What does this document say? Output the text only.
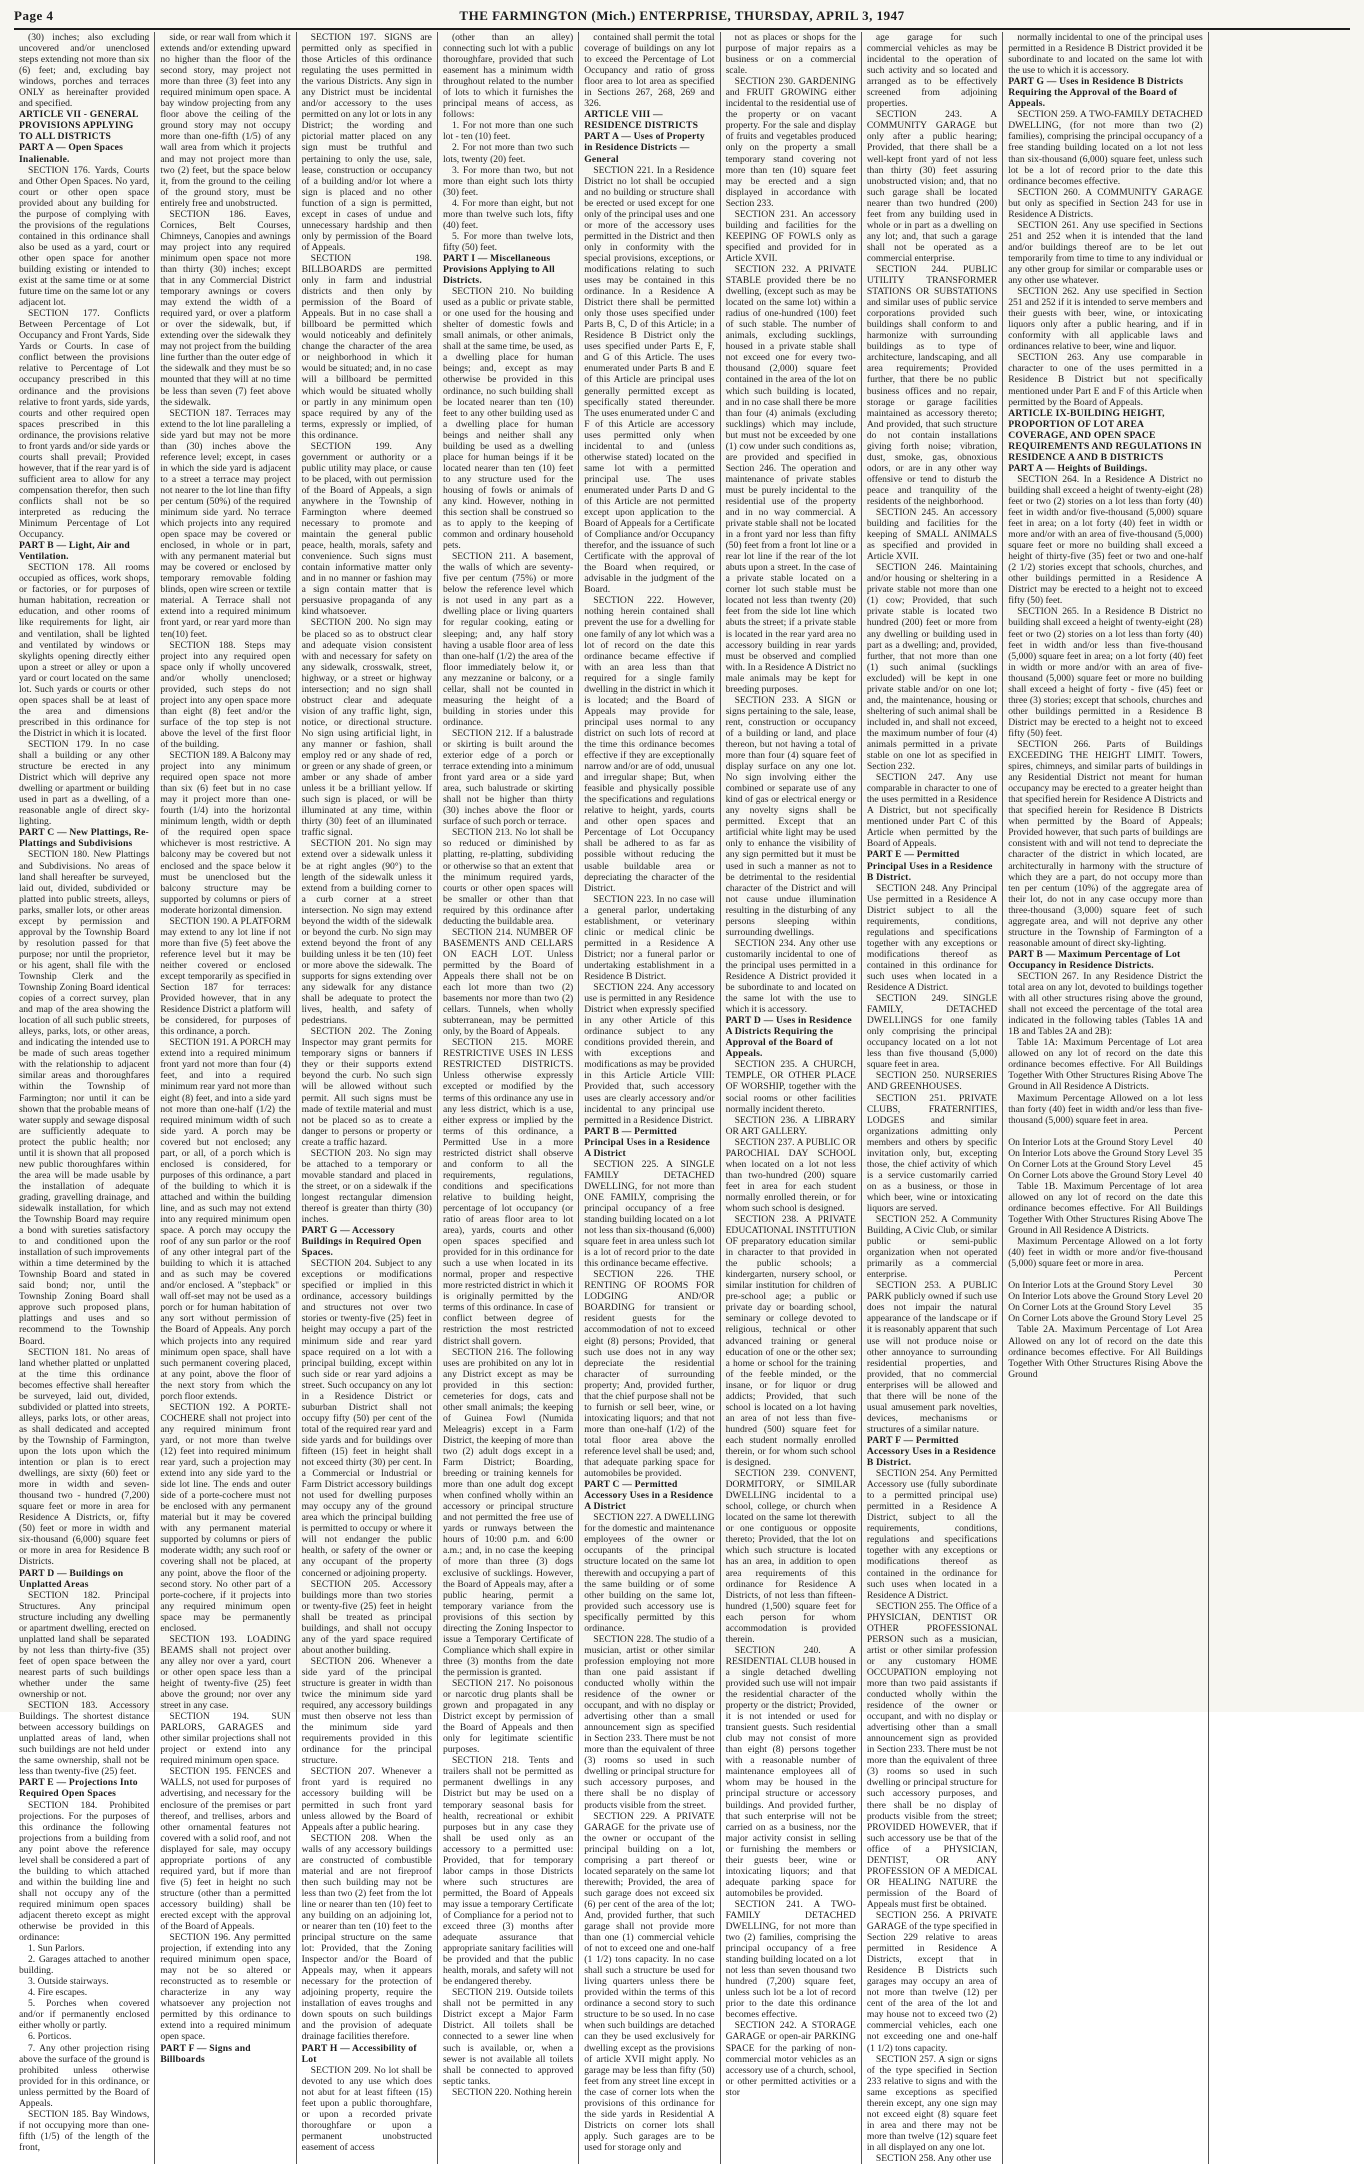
Page 4	THE FARMINGTON (Mich.) ENTERPRISE, THURSDAY, APRIL 3, 1947

(30) inches; also excluding uncovered and/or unenclosed steps extending not more than six (6) feet; and, excluding bay windows, porches and terraces ONLY as hereinafter provided and specified.

ARTICLE VII - GENERAL PROVISIONS APPLYING TO ALL DISTRICTS

PART A — Open Spaces Inalienable.

SECTION 176. Yards, Courts and Other Open Spaces. No yard, court or other open space provided about any building for the purpose of complying with the provisions of the regulations contained in this ordinance shall also be used as a yard, court or other open space for another building existing or intended to exist at the same time or at some future time on the same lot or any adjacent lot.

SECTION 177. Conflicts Between Percentage of Lot Occupancy and Front Yards, Side Yards or Courts. In case of conflict between the provisions relative to Percentage of Lot occupancy prescribed in this ordinance and the provisions relative to front yards, side yards, courts and other required open spaces prescribed in this ordinance, the provisions relative to front yards and/or side yards or courts shall prevail; Provided however, that if the rear yard is of sufficient area to allow for any compensation therefor, then such conflicts shall not be so interpreted as reducing the Minimum Percentage of Lot Occupancy.

PART B — Light, Air and Ventilation.

SECTION 178. All rooms occupied as offices, work shops, or factories, or for purposes of human habitation, recreation or education, and other rooms of like requirements for light, air and ventilation, shall be lighted and ventilated by windows or skylights opening directly either upon a street or alley or upon a yard or court located on the same lot. Such yards or courts or other open spaces shall be at least of the area and dimensions prescribed in this ordinance for the District in which it is located.

SECTION 179. In no case shall a building or any other structure be erected in any District which will deprive any dwelling or apartment or building used in part as a dwelling, of a reasonable angle of direct sky-lighting.

PART C — New Plattings, Re-Plattings and Subdivisions

SECTION 180. New Plattings and Subdivisions. No areas of land shall hereafter be surveyed, laid out, divided, subdivided or platted into public streets, alleys, parks, smaller lots, or other areas except by permission and approval by the Township Board by resolution passed for that purpose; nor until the proprietor, or his agent, shall file with the Township Clerk and the Township Zoning Board identical copies of a correct survey, plan and map of the area showing the location of all such public streets, alleys, parks, lots, or other areas, and indicating the intended use to be made of such areas together with the relationship to adjacent similar areas and thoroughfares within the Township of Farmington; nor until it can be shown that the probable means of water supply and sewage disposal are sufficiently adequate to protect the public health; nor until it is shown that all proposed new public thoroughfares within the area will be made usable by the installation of adequate grading, gravelling drainage, and sidewalk installation, for which the Township Board may require a bond with sureties satisfactory to and conditioned upon the installation of such improvements within a time determined by the Township Board and stated in said bond; nor, until the Township Zoning Board shall approve such proposed plans, plattings and uses and so recommend to the Township Board.

SECTION 181. No areas of land whether platted or unplatted at the time this ordinance becomes effective shall hereafter be surveyed, laid out, divided, subdivided or platted into streets, alleys, parks lots, or other areas, as shall dedicated and accepted by the Township of Farmington, upon the lots upon which the intention or plan is to erect dwellings, are sixty (60) feet or more in width and seven-thousand two - hundred (7,200) square feet or more in area for Residence A Districts, or, fifty (50) feet or more in width and six-thousand (6,000) square feet or more in area for Residence B Districts.

PART D — Buildings on Unplatted Areas

SECTION 182. Principal Structures. Any principal structure including any dwelling or apartment dwelling, erected on unplatted land shall be separated by not less than thirty-five (35) feet of open space between the nearest parts of such buildings whether under the same ownership or not.

SECTION 183. Accessory Buildings. The shortest distance between accessory buildings on unplatted areas of land, when such buildings are not held under the same ownership, shall not be less than twenty-five (25) feet.

PART E — Projections Into Required Open Spaces

SECTION 184. Prohibited projections. For the purposes of this ordinance the following projections from a building from any point above the reference level shall be considered a part of the building to which attached and within the building line and shall not occupy any of the required minimum open spaces adjacent thereto except as might otherwise be provided in this ordinance:

1. Sun Parlors.

2. Garages attached to another building.

3. Outside stairways.

4. Fire escapes.

5. Porches when covered and/or if permanently enclosed either wholly or partly.

6. Porticos.

7. Any other projection rising above the surface of the ground is prohibited unless otherwise provided for in this ordinance, or unless permitted by the Board of Appeals.

SECTION 185. Bay Windows, if not occupying more than one-fifth (1/5) of the length of the front,

side, or rear wall from which it extends and/or extending upward no higher than the floor of the second story, may project not more than three (3) feet into any required minimum open space. A bay window projecting from any floor above the ceiling of the ground story may not occupy more than one-fifth (1/5) of any wall area from which it projects and may not project more than two (2) feet, but the space below it, from the ground to the ceiling of the ground story, must be entirely free and unobstructed.

SECTION 186. Eaves, Cornices, Belt Courses, Chimneys, Canopies and awnings may project into any required minimum open space not more than thirty (30) inches; except that in any Commercial District temporary awnings or covers may extend the width of a required yard, or over a platform or over the sidewalk, but, if extending over the sidewalk they may not project from the building line further than the outer edge of the sidewalk and they must be so mounted that they will at no time be less than seven (7) feet above the sidewalk.

SECTION 187. Terraces may extend to the lot line paralleling a side yard but may not be more than (30) inches above the reference level; except, in cases in which the side yard is adjacent to a street a terrace may project not nearer to the lot line than fifty per centum (50%) of the required minimum side yard. No terrace which projects into any required open space may be covered or enclosed, in whole or in part, with any permanent material but may be covered or enclosed by temporary removable folding blinds, open wire screen or textile material. A Terrace shall not extend into a required minimum front yard, or rear yard more than ten(10) feet.

SECTION 188. Steps may project into any required open space only if wholly uncovered and/or wholly unenclosed; provided, such steps do not project into any open space more than eight (8) feet and/or the surface of the top step is not above the level of the first floor of the building.

SECTION 189. A Balcony may project into any minimum required open space not more than six (6) feet but in no case may it project more than one-fourth (1/4) into the horizontal minimum length, width or depth of the required open space whichever is most restrictive. A balcony may be covered but not enclosed and the space below it must be unenclosed but the balcony structure may be supported by columns or piers of moderate horizontal dimension.

SECTION 190. A PLATFORM may extend to any lot line if not more than five (5) feet above the reference level but it may be neither covered or enclosed except temporarily as specified in Section 187 for terraces: Provided however, that in any Residence District a platform will be considered, for purposes of this ordinance, a porch.

SECTION 191. A PORCH may extend into a required minimum front yard not more than four (4) feet, and into a required minimum rear yard not more than eight (8) feet, and into a side yard not more than one-half (1/2) the required minimum width of such side yard. A porch may be covered but not enclosed; any part, or all, of a porch which is enclosed is considered, for purposes of this ordinance, a part of the building to which it is attached and within the building line, and as such may not extend into any required minimum open space. A porch may occupy the roof of any sun parlor or the roof of any other integral part of the building to which it is attached and as such may be covered and/or enclosed. A "stepback" or wall off-set may not be used as a porch or for human habitation of any sort without permission of the Board of Appeals. Any porch which projects into any required minimum open space, shall have such permanent covering placed, at any point, above the floor of the next story from which the porch floor extends.

SECTION 192. A PORTE-COCHERE shall not project into any required minimum front yard, or not more than twelve (12) feet into required minimum rear yard, such a projection may extend into any side yard to the side lot line. The ends and outer side of a porte-cochere must not be enclosed with any permanent material but it may be covered with any permanent material supported by columns or piers of moderate width; any such roof or covering shall not be placed, at any point, above the floor of the second story. No other part of a porte-cochere, if it projects into any required minimum open space may be permanently enclosed.

SECTION 193. LOADING BEAMS shall not project over any alley nor over a yard, court or other open space less than a height of twenty-five (25) feet above the ground; nor over any street in any case.

SECTION 194. SUN PARLORS, GARAGES and other similar projections shall not project or extend into any required minimum open space.

SECTION 195. FENCES and WALLS, not used for purposes of advertising, and necessary for the enclosure of the premises or part thereof, and trellises, arbors and other ornamental features not covered with a solid roof, and not displayed for sale, may occupy appropriate portions of any required yard, but if more than five (5) feet in height no such structure (other than a permitted accessory building) shall be erected except with the approval of the Board of Appeals.

SECTION 196. Any permitted projection, if extending into any required minimum open space, may not be so altered or reconstructed as to resemble or characterize in any way whatsoever any projection not permitted by this ordinance to extend into a required minimum open space.

PART F — Signs and Billboards

SECTION 197. SIGNS are permitted only as specified in those Articles of this ordinance regulating the uses permitted in the various Districts. Any sign in any District must be incidental and/or accessory to the uses permitted on any lot or lots in any District; the wording and pictorial matter placed on any sign must be truthful and pertaining to only the use, sale, lease, construction or occupancy of a building and/or lot where a sign is placed and no other function of a sign is permitted, except in cases of undue and unnecessary hardship and then only by permission of the Board of Appeals.

SECTION 198. BILLBOARDS are permitted only in farm and industrial districts and then only by permission of the Board of Appeals. But in no case shall a billboard be permitted which would noticeably and definitely change the character of the area or neighborhood in which it would be situated; and, in no case will a billboard be permitted which would be situated wholly or partly in any minimum open space required by any of the terms, expressly or implied, of this ordinance.

SECTION 199. Any government or authority or a public utility may place, or cause to be placed, with out permission of the Board of Appeals, a sign anywhere in the Township of Farmington where deemed necessary to promote and maintain the general public peace, health, morals, safety and convenience. Such signs must contain informative matter only and in no manner or fashion may a sign contain matter that is persuasive propaganda of any kind whatsoever.

SECTION 200. No sign may be placed so as to obstruct clear and adequate vision consistent with and necessary for safety on any sidewalk, crosswalk, street, highway, or a street or highway intersection; and no sign shall obstruct clear and adequate vision of any traffic light, sign, notice, or directional structure. No sign using artificial light, in any manner or fashion, shall employ red or any shade of red, or green or any shade of green, or amber or any shade of amber unless it be a brilliant yellow. If such sign is placed, or will be illuminated at any time, within thirty (30) feet of an illuminated traffic signal.

SECTION 201. No sign may extend over a sidewalk unless it be at right angles (90°) to the length of the sidewalk unless it extend from a building corner to a curb corner at a street intersection. No sign may extend beyond the width of the sidewalk or beyond the curb. No sign may extend beyond the front of any building unless it be ten (10) feet or more above the sidewalk. The supports for signs extending over any sidewalk for any distance shall be adequate to protect the lives, health, and safety of pedestrians.

SECTION 202. The Zoning Inspector may grant permits for temporary signs or banners if they or their supports extend beyond the curb. No such sign will be allowed without such permit. All such signs must be made of textile material and must not be placed so as to create a danger to persons or property or create a traffic hazard.

SECTION 203. No sign may be attached to a temporary or movable standard and placed in the street, or on a sidewalk if the longest rectangular dimension thereof is greater than thirty (30) inches.

PART G — Accessory Buildings in Required Open Spaces.

SECTION 204. Subject to any exceptions or modifications specified or implied in this ordinance, accessory buildings and structures not over two stories or twenty-five (25) feet in height may occupy a part of the minimum side and rear yard space required on a lot with a principal building, except within such side or rear yard adjoins a street. Such occupancy on any lot in a Residence District or suburban District shall not occupy fifty (50) per cent of the total of the required rear yard and side yards and for buildings over fifteen (15) feet in height shall not exceed thirty (30) per cent. In a Commercial or Industrial or Farm District accessory buildings not used for dwelling purposes may occupy any of the ground area which the principal building is permitted to occupy or where it will not endanger the public health, or safety of the owner or any occupant of the property concerned or adjoining property.

SECTION 205. Accessory buildings more than two stories or twenty-five (25) feet in height shall be treated as principal buildings, and shall not occupy any of the yard space required about another building.

SECTION 206. Whenever a side yard of the principal structure is greater in width than twice the minimum side yard required, any accessory buildings must then observe not less than the minimum side yard requirements provided in this ordinance for the principal structure.

SECTION 207. Whenever a front yard is required no accessory building will be permitted in such front yard unless allowed by the Board of Appeals after a public hearing.

SECTION 208. When the walls of any accessory buildings are constructed of combustible material and are not fireproof then such building may not be less than two (2) feet from the lot line or nearer than ten (10) feet to any building on an adjoining lot, or nearer than ten (10) feet to the principal structure on the same lot: Provided, that the Zoning Inspector and/or the Board of Appeals may, when it appears necessary for the protection of adjoining property, require the installation of eaves troughs and down spouts on such buildings and the provision of adequate drainage facilities therefore.

PART H — Accessibility of Lot

SECTION 209. No lot shall be devoted to any use which does not abut for at least fifteen (15) feet upon a public thoroughfare, or upon a recorded private thoroughfare or upon a permanent unobstructed easement of access

(other than an alley) connecting such lot with a public thoroughfare, provided that such easement has a minimum width throughout related to the number of lots to which it furnishes the principal means of access, as follows:

1. For not more than one such lot - ten (10) feet.

2. For not more than two such lots, twenty (20) feet.

3. For more than two, but not more than eight such lots thirty (30) feet.

4. For more than eight, but not more than twelve such lots, fifty (40) feet.

5. For more than twelve lots, fifty (50) feet.

PART I — Miscellaneous Provisions Applying to All Districts.

SECTION 210. No building used as a public or private stable, or one used for the housing and shelter of domestic fowls and small animals, or other animals, shall at the same time, be used, as a dwelling place for human beings; and, except as may otherwise be provided in this ordinance, no such building shall be located nearer than ten (10) feet to any other building used as a dwelling place for human beings and neither shall any building be used as a dwelling place for human beings if it be located nearer than ten (10) feet to any structure used for the housing of fowls or animals of any kind. However, nothing in this section shall be construed so as to apply to the keeping of common and ordinary household pets.

SECTION 211. A basement, the walls of which are seventy-five per centum (75%) or more below the reference level which is not used in any part as a dwelling place or living quarters for regular cooking, eating or sleeping; and, any half story having a usable floor area of less than one-half (1/2) the area of the floor immediately below it, or any mezzanine or balcony, or a cellar, shall not be counted in measuring the height of a building in stories under this ordinance.

SECTION 212. If a balustrade or skirting is built around the exterior edge of a porch or terrace extending into a minimum front yard area or a side yard area, such balustrade or skirting shall not be higher than thirty (30) inches above the floor or surface of such porch or terrace.

SECTION 213. No lot shall be so reduced or diminished by platting, re-platting, subdividing or otherwise so that an extent that the minimum required yards, courts or other open spaces will be smaller or other than that required by this ordinance after deducting the buildable area.

SECTION 214. NUMBER OF BASEMENTS AND CELLARS ON EACH LOT. Unless permitted by the Board of Appeals there shall not be on each lot more than two (2) basements nor more than two (2) cellars. Tunnels, when wholly subterranean, may be permitted only, by the Board of Appeals.

SECTION 215. MORE RESTRICTIVE USES IN LESS RESTRICTED DISTRICTS. Unless otherwise expressly excepted or modified by the terms of this ordinance any use in any less district, which is a use, either express or implied by the terms of this ordinance, a Permitted Use in a more restricted district shall observe and conform to all the requirements, regulations, conditions and specifications relative to building height, percentage of lot occupancy (or ratio of areas floor area to lot area), yards, courts and other open spaces specified and provided for in this ordinance for such a use when located in its normal, proper and respective more restricted district in which it is originally permitted by the terms of this ordinance. In case of conflict between degree of restriction the most restricted district shall govern.

SECTION 216. The following uses are prohibited on any lot in any District except as may be provided in this section: cemeteries for dogs, cats and other small animals; the keeping of Guinea Fowl (Numida Meleagris) except in a Farm District, the keeping of more than two (2) adult dogs except in a Farm District; Boarding, breeding or training kennels for more than one adult dog except when confined wholly within an accessory or principal structure and not permitted the free use of yards or runways between the hours of 10:00 p.m. and 6:00 a.m.; and, in no case the keeping of more than three (3) dogs exclusive of sucklings. However, the Board of Appeals may, after a public hearing, permit a temporary variance from the provisions of this section by directing the Zoning Inspector to issue a Temporary Certificate of Compliance which shall expire in three (3) months from the date the permission is granted.

SECTION 217. No poisonous or narcotic drug plants shall be grown and propagated in any District except by permission of the Board of Appeals and then only for legitimate scientific purposes.

SECTION 218. Tents and trailers shall not be permitted as permanent dwellings in any District but may be used on a temporary seasonal basis for health, recreational or exhibit purposes but in any case they shall be used only as an accessory to a permitted use: Provided, that for temporary labor camps in those Districts where such structures are permitted, the Board of Appeals may issue a temporary Certificate of Compliance for a period not to exceed three (3) months after adequate assurance that appropriate sanitary facilities will be provided and that the public health, morals, and safety will not be endangered thereby.

SECTION 219. Outside toilets shall not be permitted in any District except a Major Farm District. All toilets shall be connected to a sewer line when such is available, or, when a sewer is not available all toilets shall be connected to approved septic tanks.

SECTION 220. Nothing herein

contained shall permit the total coverage of buildings on any lot to exceed the Percentage of Lot Occupancy and ratio of gross floor area to lot area as specified in Sections 267, 268, 269 and 326.

ARTICLE VIII — RESIDENCE DISTRICTS

PART A — Uses of Property in Residence Districts — General

SECTION 221. In a Residence District no lot shall be occupied and no building or structure shall be erected or used except for one only of the principal uses and one or more of the accessory uses permitted in the District and then only in conformity with the special provisions, exceptions, or modifications relating to such uses may be contained in this ordinance. In a Residence A District there shall be permitted only those uses specified under Parts B, C, D of this Article; in a Residence B District only the uses specified under Parts E, F, and G of this Article. The uses enumerated under Parts B and E of this Article are principal uses generally permitted except as specifically stated thereunder. The uses enumerated under C and F of this Article are accessory uses permitted only when incidental to and (unless otherwise stated) located on the same lot with a permitted principal use. The uses enumerated under Parts D and G of this Article are not permitted except upon application to the Board of Appeals for a Certificate of Compliance and/or Occupancy therefor, and the issuance of such Certificate with the approval of the Board when required, or advisable in the judgment of the Board.

SECTION 222. However, nothing herein contained shall prevent the use for a dwelling for one family of any lot which was a lot of record on the date this ordinance became effective if with an area less than that required for a single family dwelling in the district in which it is located; and the Board of Appeals may provide for principal uses normal to any district on such lots of record at the time this ordinance becomes effective if they are exceptionally narrow and/or are of odd, unusual and irregular shape; But, when feasible and physically possible the specifications and regulations relative to height, yards, courts and other open spaces and Percentage of Lot Occupancy shall be adhered to as far as possible without reducing the usable buildable area or depreciating the character of the District.

SECTION 223. In no case will a general parlor, undertaking establishment, or veterinary clinic or medical clinic be permitted in a Residence A District; nor a funeral parlor or undertaking establishment in a Residence B District.

SECTION 224. Any accessory use is permitted in any Residence District when expressly specified in any other Article of this ordinance subject to any conditions provided therein, and with exceptions and modifications as may be provided in this Article Article VIII: Provided that, such accessory uses are clearly accessory and/or incidental to any principal use permitted in a Residence District.

PART B — Permitted Principal Uses in a Residence A District

SECTION 225. A SINGLE FAMILY DETACHED DWELLING, for not more than ONE FAMILY, comprising the principal occupancy of a free standing building located on a lot not less than six-thousand (6,000) square feet in area unless such lot is a lot of record prior to the date this ordinance became effective.

SECTION 226. THE RENTING OF ROOMS FOR LODGING AND/OR BOARDING for transient or resident guests for the accommodation of not to exceed eight (8) persons; Provided, that such use does not in any way depreciate the residential character of surrounding property; And, provided further, that the chief purpose shall not be to furnish or sell beer, wine, or intoxicating liquors; and that not more than one-half (1/2) of the total floor area above the reference level shall be used; and, that adequate parking space for automobiles be provided.

PART C — Permitted Accessory Uses in a Residence A District

SECTION 227. A DWELLING for the domestic and maintenance employees of the owner or occupants of the principal structure located on the same lot therewith and occupying a part of the same building or of some other building on the same lot, provided such accessory use is specifically permitted by this ordinance.

SECTION 228. The studio of a musician, artist or other similar profession employing not more than one paid assistant if conducted wholly within the residence of the owner or occupant, and with no display or advertising other than a small announcement sign as specified in Section 233. There must be not more than the equivalent of three (3) rooms so used in such dwelling or principal structure for such accessory purposes, and there shall be no display of products visible from the street.

SECTION 229. A PRIVATE GARAGE for the private use of the owner or occupant of the principal building on a lot, comprising a part thereof or located separately on the same lot therewith; Provided, the area of such garage does not exceed six (6) per cent of the area of the lot; And, provided further, that such garage shall not provide more than one (1) commercial vehicle of not to exceed one and one-half (1 1/2) tons capacity. In no case shall such a structure be used for living quarters unless there be provided within the terms of this ordinance a second story to such structure to be so used. In no case when such buildings are detached can they be used exclusively for dwelling except as the provisions of article XVII might apply. No garage may be less than fifty (50) feet from any street line except in the case of corner lots when the provisions of this ordinance for the side yards in Residential A Districts on corner lots shall apply. Such garages are to be used for storage only and

not as places or shops for the purpose of major repairs as a business or on a commercial scale.

SECTION 230. GARDENING and FRUIT GROWING either incidental to the residential use of the property or on vacant property. For the sale and display of fruits and vegetables produced only on the property a small temporary stand covering not more than ten (10) square feet may be erected and a sign displayed in accordance with Section 233.

SECTION 231. An accessory building and facilities for the KEEPING OF FOWLS only as specified and provided for in Article XVII.

SECTION 232. A PRIVATE STABLE provided there be no dwelling, (except such as may be located on the same lot) within a radius of one-hundred (100) feet of such stable. The number of animals, excluding sucklings, housed in a private stable shall not exceed one for every two-thousand (2,000) square feet contained in the area of the lot on which such building is located, and in no case shall there be more than four (4) animals (excluding sucklings) which may include, but must not be exceeded by one (1) cow under such conditions as, are provided and specified in Section 246. The operation and maintenance of private stables must be purely incidental to the residential use of the property and in no way commercial. A private stable shall not be located in a front yard nor less than fifty (50) feet from a front lot line or a rear lot line if the rear of the lot abuts upon a street. In the case of a private stable located on a corner lot such stable must be located not less than twenty (20) feet from the side lot line which abuts the street; if a private stable is located in the rear yard area no accessory building in rear yards must be observed and complied with. In a Residence A District no male animals may be kept for breeding purposes.

SECTION 233. A SIGN or signs pertaining to the sale, lease, rent, construction or occupancy of a building or land, and place thereon, but not having a total of more than four (4) square feet of display surface on any one lot. No sign involving either the combined or separate use of any kind of gas or electrical energy or any novelty signs shall be permitted. Except that an artificial white light may be used only to enhance the visibility of any sign permitted but it must be used in such a manner as not to be detrimental to the residential character of the District and will not cause undue illumination resulting in the disturbing of any persons sleeping within surrounding dwellings.

SECTION 234. Any other use customarily incidental to one of the principal uses permitted in a Residence A District provided it be subordinate to and located on the same lot with the use to which it is accessory.

PART D — Uses in Residence A Districts Requiring the Approval of the Board of Appeals.

SECTION 235. A CHURCH, TEMPLE, OR OTHER PLACE OF WORSHIP, together with the social rooms or other facilities normally incident thereto.

SECTION 236. A LIBRARY OR ART GALLERY.

SECTION 237. A PUBLIC OR PAROCHIAL DAY SCHOOL when located on a lot not less than two-hundred (200) square feet in area for each student normally enrolled therein, or for whom such school is designed.

SECTION 238. A PRIVATE EDUCATIONAL INSTITUTION OF preparatory education similar in character to that provided in the public schools; a kindergarten, nursery school, or similar institution for children of pre-school age; a public or private day or boarding school, seminary or college devoted to religious, technical or other advanced training or general education of one or the other sex; a home or school for the training of the feeble minded, or the insane, or for liquor or drug addicts; Provided, that such school is located on a lot having an area of not less than five-hundred (500) square feet for each student normally enrolled therein, or for whom such school is designed.

SECTION 239. CONVENT, DORMITORY, or SIMILAR DWELLING incidental to a school, college, or church when located on the same lot therewith or one contiguous or opposite thereto; Provided, that the lot on which such structure is located has an area, in addition to open area requirements of this ordinance for Residence A Districts, of not less than fifteen-hundred (1,500) square feet for each person for whom accommodation is provided therein.

SECTION 240. A RESIDENTIAL CLUB housed in a single detached dwelling provided such use will not impair the residential character of the property or the district; Provided, it is not intended or used for transient guests. Such residential club may not consist of more than eight (8) persons together with a reasonable number of maintenance employees all of whom may be housed in the principal structure or accessory buildings. And provided further, that such enterprise will not be carried on as a business, nor the major activity consist in selling or furnishing the members or their guests beer, wine or intoxicating liquors; and that adequate parking space for automobiles be provided.

SECTION 241. A TWO-FAMILY DETACHED DWELLING, for not more than two (2) families, comprising the principal occupancy of a free standing building located on a lot not less than seven thousand two hundred (7,200) square feet, unless such lot be a lot of record prior to the date this ordinance becomes effective.

SECTION 242. A STORAGE GARAGE or open-air PARKING SPACE for the parking of non-commercial motor vehicles as an accessory use of a church, school, or other permitted activities or a stor

age garage for such commercial vehicles as may be incidental to the operation of such activity and so located and arranged as to be effectively screened from adjoining properties.

SECTION 243. A COMMUNITY GARAGE but only after a public hearing; Provided, that there shall be a well-kept front yard of not less than thirty (30) feet assuring unobstructed vision; and, that no such garage shall be located nearer than two hundred (200) feet from any building used in whole or in part as a dwelling on any lot; and, that such a garage shall not be operated as a commercial enterprise.

SECTION 244. PUBLIC UTILITY TRANSFORMER STATIONS OR SUBSTATIONS and similar uses of public service corporations provided such buildings shall conform to and harmonize with surrounding buildings as to type of architecture, landscaping, and all area requirements; Provided further, that there be no public business offices and no repair, storage or garage facilities maintained as accessory thereto; And provided, that such structure do not contain installations giving forth noise; vibration, dust, smoke, gas, obnoxious odors, or are in any other way offensive or tend to disturb the peace and tranquility of the residents of the neighborhood.

SECTION 245. An accessory building and facilities for the keeping of SMALL ANIMALS as specified and provided in Article XVII.

SECTION 246. Maintaining and/or housing or sheltering in a private stable not more than one (1) cow; Provided, that such private stable is located two hundred (200) feet or more from any dwelling or building used in part as a dwelling; and, provided, further, that not more than one (1) such animal (sucklings excluded) will be kept in one private stable and/or on one lot; and, the maintenance, housing or sheltering of such animal shall be included in, and shall not exceed, the maximum number of four (4) animals permitted in a private stable on one lot as specified in Section 232.

SECTION 247. Any use comparable in character to one of the uses permitted in a Residence A District, but not specifically mentioned under Part C of this Article when permitted by the Board of Appeals.

PART E — Permitted Principal Uses in a Residence B District.

SECTION 248. Any Principal Use permitted in a Residence A District subject to all the requirements, conditions, regulations and specifications together with any exceptions or modifications thereof as contained in this ordinance for such uses when located in a Residence A District.

SECTION 249. SINGLE FAMILY, DETACHED DWELLINGS for one family only comprising the principal occupancy located on a lot not less than five thousand (5,000) square feet in area.

SECTION 250. NURSERIES AND GREENHOUSES.

SECTION 251. PRIVATE CLUBS, FRATERNITIES, LODGES and similar organizations admitting only members and others by specific invitation only, but, excepting those, the chief activity of which is a service customarily carried on as a business, or those in which beer, wine or intoxicating liquors are served.

SECTION 252. A Community Building, A Civic Club, or similar public or semi-public organization when not operated primarily as a commercial enterprise.

SECTION 253. A PUBLIC PARK publicly owned if such use does not impair the natural appearance of the landscape or if it is reasonably apparent that such use will not produce noise or other annoyance to surrounding residential properties, and provided, that no commercial enterprises will be allowed and that there will be none of the usual amusement park novelties, devices, mechanisms or structures of a similar nature.

PART F — Permitted Accessory Uses in a Residence B District.

SECTION 254. Any Permitted Accessory use (fully subordinate to a permitted principal use) permitted in a Residence A District, subject to all the requirements, conditions, regulations and specifications together with any exceptions or modifications thereof as contained in the ordinance for such uses when located in a Residence A District.

SECTION 255. The Office of a PHYSICIAN, DENTIST OR OTHER PROFESSIONAL PERSON such as a musician, artist or other similar profession or any customary HOME OCCUPATION employing not more than two paid assistants if conducted wholly within the residence of the owner or occupant, and with no display or advertising other than a small announcement sign as provided in Section 233. There must be not more than the equivalent of three (3) rooms so used in such dwelling or principal structure for such accessory purposes, and there shall be no display of products visible from the street; PROVIDED HOWEVER, that if such accessory use be that of the office of a PHYSICIAN, DENTIST, OR ANY PROFESSION OF A MEDICAL OR HEALING NATURE the permission of the Board of Appeals must first be obtained.

SECTION 256. A PRIVATE GARAGE of the type specified in Section 229 relative to areas permitted in Residence A Districts, except that in Residence B Districts such garages may occupy an area of not more than twelve (12) per cent of the area of the lot and may house not to exceed two (2) commercial vehicles, each one not exceeding one and one-half (1 1/2) tons capacity.

SECTION 257. A sign or signs of the type specified in Section 233 relative to signs and with the same exceptions as specified therein except, any one sign may not exceed eight (8) square feet in area and there may not be more than twelve (12) square feet in all displayed on any one lot.

SECTION 258. Any other use

normally incidental to one of the principal uses permitted in a Residence B District provided it be subordinate to and located on the same lot with the use to which it is accessory.

PART G — Uses in Residence B Districts Requiring the Approval of the Board of Appeals.

SECTION 259. A TWO-FAMILY DETACHED DWELLING, (for not more than two (2) families), comprising the principal occupancy of a free standing building located on a lot not less than six-thousand (6,000) square feet, unless such lot be a lot of record prior to the date this ordinance becomes effective.

SECTION 260. A COMMUNITY GARAGE but only as specified in Section 243 for use in Residence A Districts.

SECTION 261. Any use specified in Sections 251 and 252 when it is intended that the land and/or buildings thereof are to be let out temporarily from time to time to any individual or any other group for similar or comparable uses or any other use whatever.

SECTION 262. Any use specified in Section 251 and 252 if it is intended to serve members and their guests with beer, wine, or intoxicating liquors only after a public hearing, and if in conformity with all applicable laws and ordinances relative to beer, wine and liquor.

SECTION 263. Any use comparable in character to one of the uses permitted in a Residence B District but not specifically mentioned under Part E and F of this Article when permitted by the Board of Appeals.

ARTICLE IX-BUILDING HEIGHT, PROPORTION OF LOT AREA COVERAGE, AND OPEN SPACE REQUIREMENTS AND REGULATIONS IN RESIDENCE A AND B DISTRICTS

PART A — Heights of Buildings.

SECTION 264. In a Residence A District no building shall exceed a height of twenty-eight (28) feet or two (2) stories on a lot less than forty (40) feet in width and/or five-thousand (5,000) square feet in area; on a lot forty (40) feet in width or more and/or with an area of five-thousand (5,000) square feet or more no building shall exceed a height of thirty-five (35) feet or two and one-half (2 1/2) stories except that schools, churches, and other buildings permitted in a Residence A District may be erected to a height not to exceed fifty (50) feet.

SECTION 265. In a Residence B District no building shall exceed a height of twenty-eight (28) feet or two (2) stories on a lot less than forty (40) feet in width and/or less than five-thousand (5,000) square feet in area; on a lot forty (40) feet in width or more and/or with an area of five-thousand (5,000) square feet or more no building shall exceed a height of forty - five (45) feet or three (3) stories; except that schools, churches and other buildings permitted in a Residence B District may be erected to a height not to exceed fifty (50) feet.

SECTION 266. Parts of Buildings EXCEEDING THE HEIGHT LIMIT. Towers, spires, chimneys, and similar parts of buildings in any Residential District not meant for human occupancy may be erected to a greater height than that specified herein for Residence A Districts and that specified herein for Residence B Districts when permitted by the Board of Appeals; Provided however, that such parts of buildings are consistent with and will not tend to depreciate the character of the district in which located, are architecturally in harmony with the structure of which they are a part, do not occupy more than ten per centum (10%) of the aggregate area of their lot, do not in any case occupy more than three-thousand (3,000) square feet of such aggregate area, and will not deprive any other structure in the Township of Farmington of a reasonable amount of direct sky-lighting.

PART B — Maximum Percentage of Lot Occupancy in Residence Districts.

SECTION 267. In any Residence District the total area on any lot, devoted to buildings together with all other structures rising above the ground, shall not exceed the percentage of the total area indicated in the following tables (Tables 1A and 1B and Tables 2A and 2B):

Table 1A: Maximum Percentage of Lot area allowed on any lot of record on the date this ordinance becomes effective. For All Buildings Together With Other Structures Rising Above The Ground in All Residence A Districts.

Maximum Percentage Allowed on a lot less than forty (40) feet in width and/or less than five-thousand (5,000) square feet in area.

Percent

On Interior Lots at the Ground Story Level	40
On Interior Lots above the Ground Story Level 35
On Corner Lots at the Ground Story Level	45
On Corner Lots above the Ground Story Level 40

Table 1B. Maximum Percentage of lot area allowed on any lot of record on the date this ordinance becomes effective. For All Buildings Together With Other Structures Rising Above The Ground in All Residence A Districts.

Maximum Percentage Allowed on a lot forty (40) feet in width or more and/or five-thousand (5,000) square feet or more in area.

Percent

On Interior Lots at the Ground Story Level	30
On Interior Lots above the Ground Story Level 20
On Corner Lots at the Ground Story Level	35
On Corner Lots above the Ground Story Level 25

Table 2A. Maximum Percentage of Lot Area Allowed on any lot of record on the date this ordinance becomes effective. For All Buildings Together With Other Structures Rising Above the Ground
